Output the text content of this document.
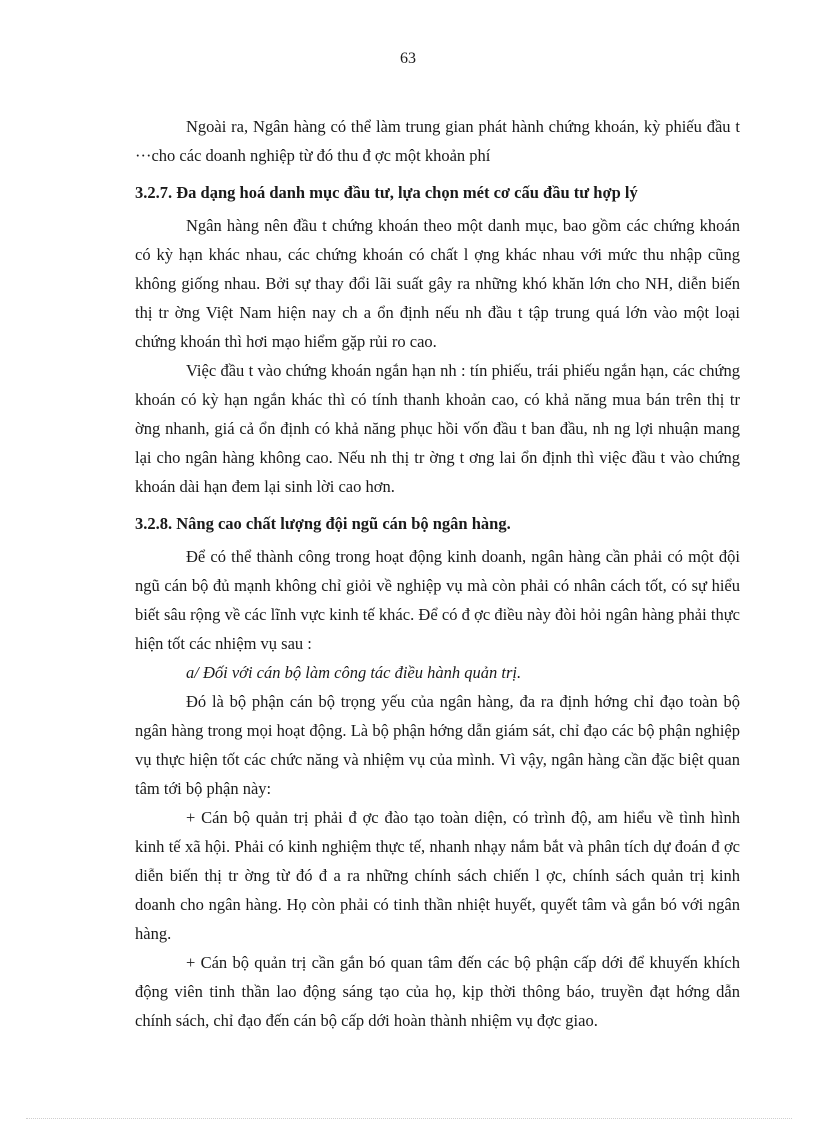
63

Ngoài ra, Ngân hàng có thể làm trung gian phát hành chứng khoán, kỳ phiếu đầu t ···cho các doanh nghiệp từ đó thu đ ợc một khoản phí

3.2.7. Đa dạng hoá danh mục đầu tư, lựa chọn mét cơ cấu đầu tư hợp lý

Ngân hàng nên đầu t chứng khoán theo một danh mục, bao gồm các chứng khoán có kỳ hạn khác nhau, các chứng khoán có chất l ợng khác nhau với mức thu nhập cũng không giống nhau. Bởi sự thay đổi lãi suất gây ra những khó khăn lớn cho NH, diễn biến thị tr ờng Việt Nam hiện nay ch a ổn định nếu nh đầu t tập trung quá lớn vào một loại chứng khoán thì hơi mạo hiểm gặp rủi ro cao.

Việc đầu t vào chứng khoán ngắn hạn nh : tín phiếu, trái phiếu ngắn hạn, các chứng khoán có kỳ hạn ngắn khác thì có tính thanh khoản cao, có khả năng mua bán trên thị tr ờng nhanh, giá cả ổn định có khả năng phục hồi vốn đầu t ban đầu, nh ng lợi nhuận mang lại cho ngân hàng không cao. Nếu nh thị tr ờng t ơng lai ổn định thì việc đầu t vào chứng khoán dài hạn đem lại sinh lời cao hơn.

3.2.8. Nâng cao chất lượng đội ngũ cán bộ ngân hàng.

Để có thể thành công trong hoạt động kinh doanh, ngân hàng cần phải có một đội ngũ cán bộ đủ mạnh không chỉ giỏi về nghiệp vụ mà còn phải có nhân cách tốt, có sự hiểu biết sâu rộng về các lĩnh vực kinh tế khác. Để có đ ợc điều này đòi hỏi ngân hàng phải thực hiện tốt các nhiệm vụ sau :

a/ Đối với cán bộ làm công tác điều hành quản trị.

Đó là bộ phận cán bộ trọng yếu của ngân hàng, đa ra định hớng chỉ đạo toàn bộ ngân hàng trong mọi hoạt động. Là bộ phận hớng dẫn giám sát, chỉ đạo các bộ phận nghiệp vụ thực hiện tốt các chức năng và nhiệm vụ của mình. Vì vậy, ngân hàng cần đặc biệt quan tâm tới bộ phận này:

+ Cán bộ quản trị phải đ ợc đào tạo toàn diện, có trình độ, am hiểu về tình hình kinh tế xã hội. Phải có kinh nghiệm thực tế, nhanh nhạy nắm bắt và phân tích dự đoán đ ợc diễn biến thị tr ờng từ đó đ a ra những chính sách chiến l ợc, chính sách quản trị kinh doanh cho ngân hàng. Họ còn phải có tinh thần nhiệt huyết, quyết tâm và gắn bó với ngân hàng.

+ Cán bộ quản trị cần gắn bó quan tâm đến các bộ phận cấp dới để khuyến khích động viên tinh thần lao động sáng tạo của họ, kịp thời thông báo, truyền đạt hớng dẫn chính sách, chỉ đạo đến cán bộ cấp dới hoàn thành nhiệm vụ đợc giao.
